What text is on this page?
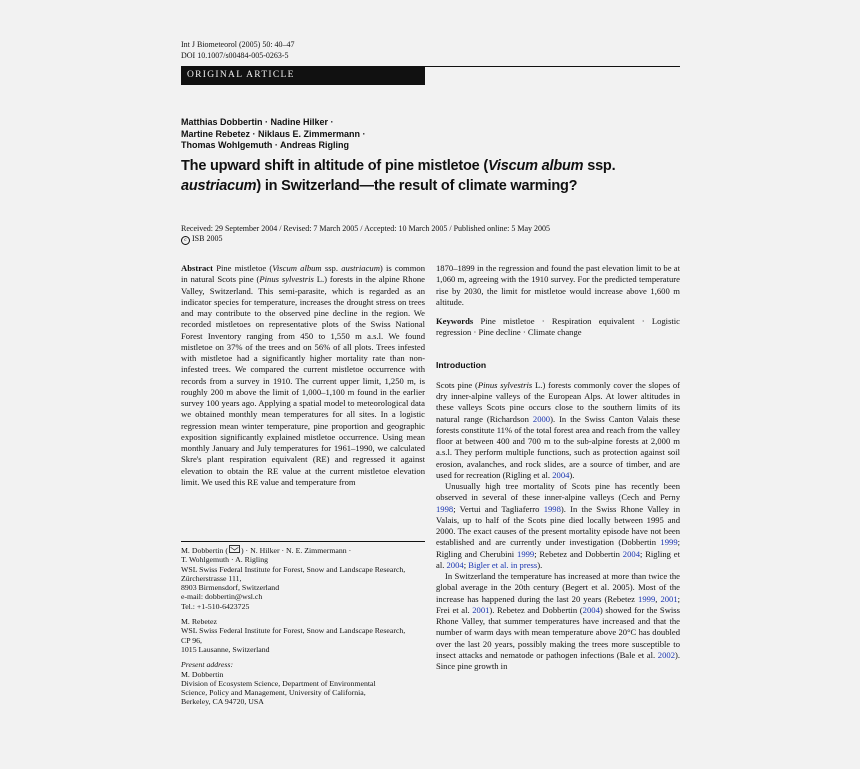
Int J Biometeorol (2005) 50: 40–47
DOI 10.1007/s00484-005-0263-5
ORIGINAL ARTICLE
Matthias Dobbertin · Nadine Hilker ·
Martine Rebetez · Niklaus E. Zimmermann ·
Thomas Wohlgemuth · Andreas Rigling
The upward shift in altitude of pine mistletoe (Viscum album ssp. austriacum) in Switzerland—the result of climate warming?
Received: 29 September 2004 / Revised: 7 March 2005 / Accepted: 10 March 2005 / Published online: 5 May 2005
c ISB 2005

Abstract Pine mistletoe (Viscum album ssp. austriacum) is common in natural Scots pine (Pinus sylvestris L.) forests in the alpine Rhone Valley, Switzerland. This semi-parasite, which is regarded as an indicator species for temperature, increases the drought stress on trees and may contribute to the observed pine decline in the region. We recorded mistletoes on representative plots of the Swiss National Forest Inventory ranging from 450 to 1,550 m a.s.l. We found mistletoe on 37% of the trees and on 56% of all plots. Trees infested with mistletoe had a significantly higher mortality rate than non-infested trees. We compared the current mistletoe occurrence with records from a survey in 1910. The current upper limit, 1,250 m, is roughly 200 m above the limit of 1,000–1,100 m found in the earlier survey 100 years ago. Applying a spatial model to meteorological data we obtained monthly mean temperatures for all sites. In a logistic regression mean winter temperature, pine proportion and geographic exposition significantly explained mistletoe occurrence. Using mean monthly January and July temperatures for 1961–1990, we calculated Skre's plant respiration equivalent (RE) and regressed it against elevation to obtain the RE value at the current mistletoe elevation limit. We used this RE value and temperature from

M. Dobbertin ( ) · N. Hilker · N. E. Zimmermann ·

T. Wohlgemuth · A. Rigling

WSL Swiss Federal Institute for Forest, Snow and Landscape Research,

Zürcherstrasse 111,

8903 Birmensdorf, Switzerland

e-mail: dobbertin@wsl.ch

Tel.: +1-510-6423725

M. Rebetez

WSL Swiss Federal Institute for Forest, Snow and Landscape Research,

CP 96,

1015 Lausanne, Switzerland

Present address:

M. Dobbertin

Division of Ecosystem Science, Department of Environmental

Science, Policy and Management, University of California,

Berkeley, CA 94720, USA

1870–1899 in the regression and found the past elevation limit to be at 1,060 m, agreeing with the 1910 survey. For the predicted temperature rise by 2030, the limit for mistletoe would increase above 1,600 m altitude.

Keywords Pine mistletoe · Respiration equivalent · Logistic regression · Pine decline · Climate change

Introduction

Scots pine (Pinus sylvestris L.) forests commonly cover the slopes of dry inner-alpine valleys of the European Alps. At lower altitudes in these valleys Scots pine occurs close to the southern limits of its natural range (Richardson 2000). In the Swiss Canton Valais these forests constitute 11% of the total forest area and reach from the valley floor at between 400 and 700 m to the sub-alpine forests at 2,000 m a.s.l. They perform multiple functions, such as protection against soil erosion, avalanches, and rock slides, are a source of timber, and are used for recreation (Rigling et al. 2004).

Unusually high tree mortality of Scots pine has recently been observed in several of these inner-alpine valleys (Cech and Perny 1998; Vertui and Tagliaferro 1998). In the Swiss Rhone Valley in Valais, up to half of the Scots pine died locally between 1995 and 2000. The exact causes of the present mortality episode have not been established and are currently under investigation (Dobbertin 1999; Rigling and Cherubini 1999; Rebetez and Dobbertin 2004; Rigling et al. 2004; Bigler et al. in press).

In Switzerland the temperature has increased at more than twice the global average in the 20th century (Begert et al. 2005). Most of the increase has happened during the last 20 years (Rebetez 1999, 2001; Frei et al. 2001). Rebetez and Dobbertin (2004) showed for the Swiss Rhone Valley, that summer temperatures have increased and that the number of warm days with mean temperature above 20°C has doubled over the last 20 years, possibly making the trees more susceptible to insect attacks and nematode or pathogen infections (Bale et al. 2002). Since pine growth in
